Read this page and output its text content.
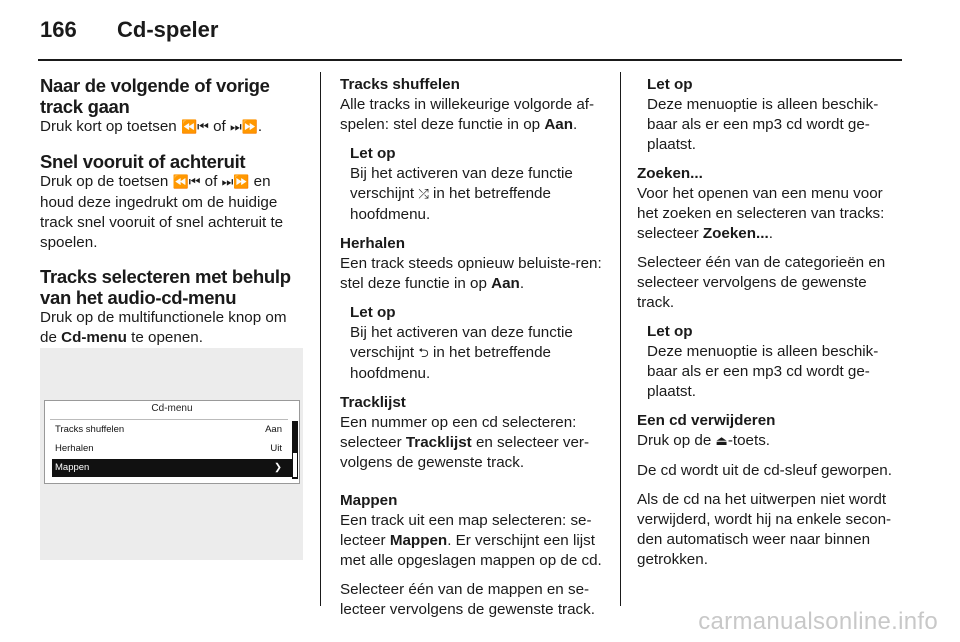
166 Cd-speler
Naar de volgende of vorige track gaan

Druk kort op toetsen ⏪⏮ of ⏭⏩.

Snel vooruit of achteruit

Druk op de toetsen ⏪⏮ of ⏭⏩ en houd deze ingedrukt om de huidige track snel vooruit of snel achteruit te spoelen.

Tracks selecteren met behulp van het audio-cd-menu

Druk op de multifunctionele knop om de Cd-menu te openen.

Cd-menu
Tracks shuffelen	Aan
Herhalen	Uit
Mappen	❯
Tracks shuffelen

Alle tracks in willekeurige volgorde af-spelen: stel deze functie in op Aan.

Let op

Bij het activeren van deze functie verschijnt ⤮ in het betreffende hoofdmenu.

Herhalen

Een track steeds opnieuw beluiste-ren: stel deze functie in op Aan.

Let op

Bij het activeren van deze functie verschijnt ⮌ in het betreffende hoofdmenu.

Tracklijst

Een nummer op een cd selecteren: selecteer Tracklijst en selecteer ver-volgens de gewenste track.

Mappen

Een track uit een map selecteren: se-lecteer Mappen. Er verschijnt een lijst met alle opgeslagen mappen op de cd.

Selecteer één van de mappen en se-lecteer vervolgens de gewenste track.

Let op

Deze menuoptie is alleen beschik-baar als er een mp3 cd wordt ge-plaatst.

Zoeken...

Voor het openen van een menu voor het zoeken en selecteren van tracks: selecteer Zoeken....

Selecteer één van de categorieën en selecteer vervolgens de gewenste track.

Let op

Deze menuoptie is alleen beschik-baar als er een mp3 cd wordt ge-plaatst.

Een cd verwijderen

Druk op de ⏏-toets.

De cd wordt uit de cd-sleuf geworpen.

Als de cd na het uitwerpen niet wordt verwijderd, wordt hij na enkele secon-den automatisch weer naar binnen getrokken.

carmanualsonline.info
